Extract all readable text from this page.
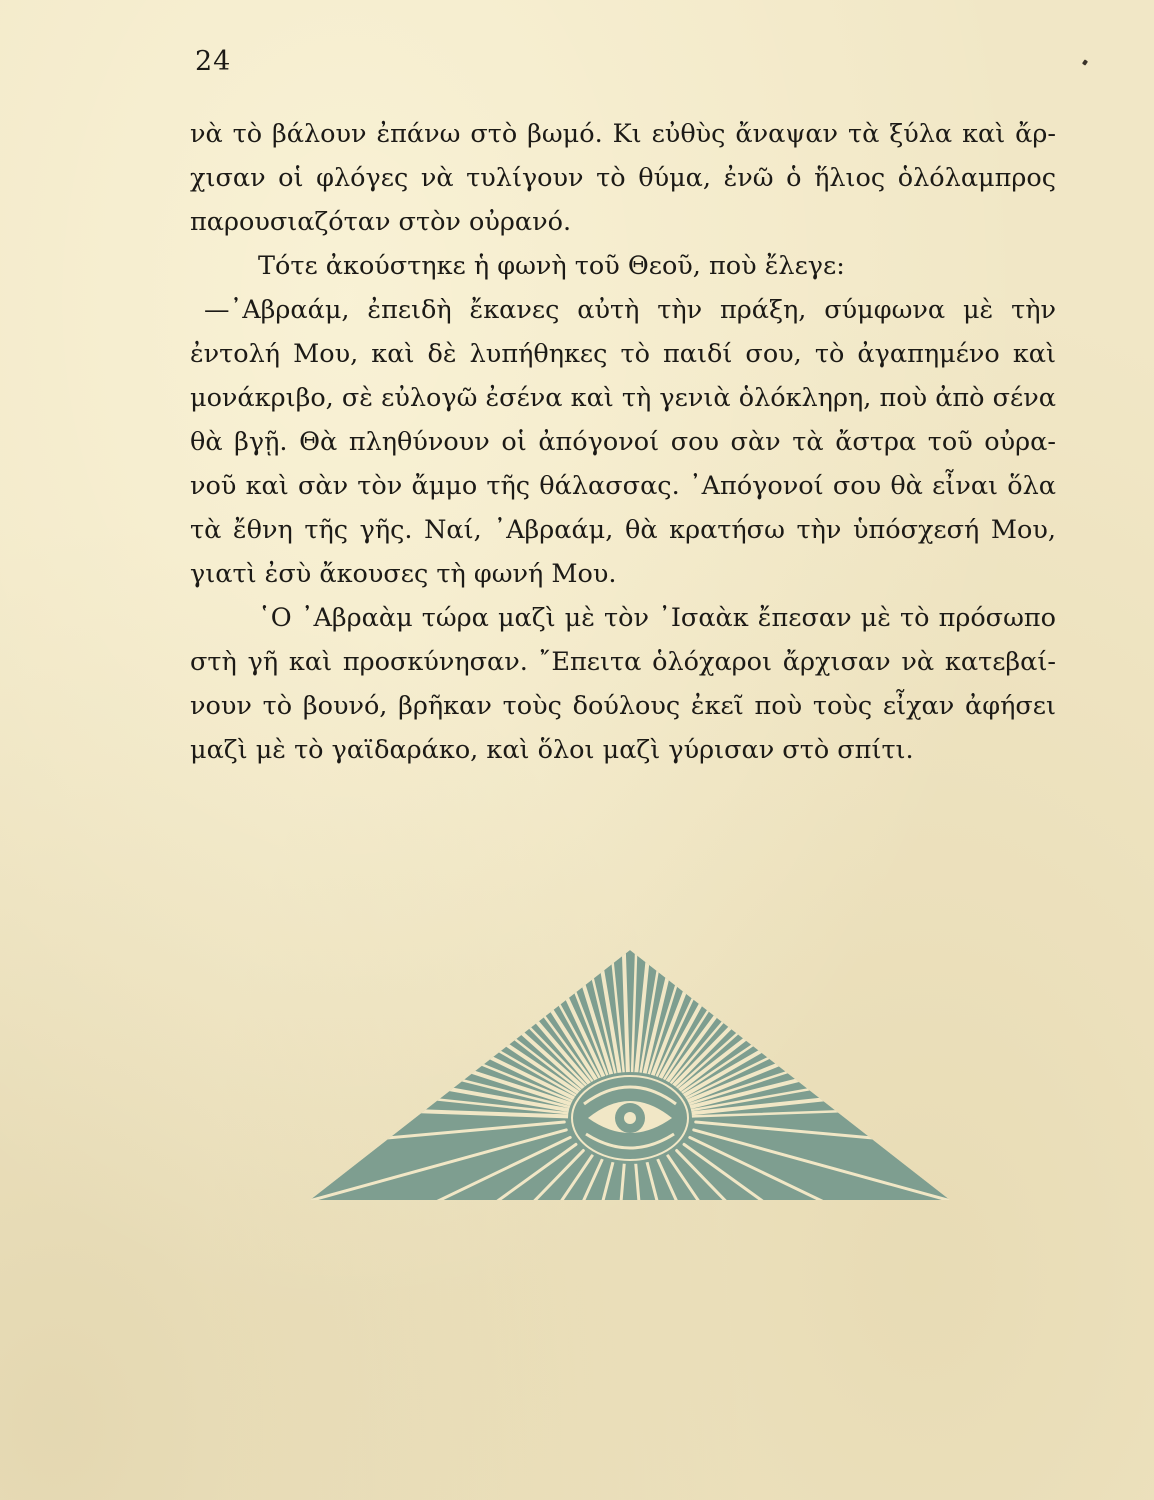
24
νὰ τὸ βάλουν ἐπάνω στὸ βωμό. Κι εὐθὺς ἄναψαν τὰ ξύλα καὶ ἄρ-
χισαν οἱ φλόγες νὰ τυλίγουν τὸ θύμα, ἐνῶ ὁ ἥλιος ὁλόλαμπρος
παρουσιαζόταν στὸν οὐρανό.
Τότε ἀκούστηκε ἡ φωνὴ τοῦ Θεοῦ, ποὺ ἔλεγε:
—᾿Αβραάμ, ἐπειδὴ ἔκανες αὐτὴ τὴν πράξη, σύμφωνα μὲ τὴν
ἐντολή Μου, καὶ δὲ λυπήθηκες τὸ παιδί σου, τὸ ἀγαπημένο καὶ
μονάκριβο, σὲ εὐλογῶ ἐσένα καὶ τὴ γενιὰ ὁλόκληρη, ποὺ ἀπὸ σένα
θὰ βγῇ. Θὰ πληθύνουν οἱ ἀπόγονοί σου σὰν τὰ ἄστρα τοῦ οὐρα-
νοῦ καὶ σὰν τὸν ἄμμο τῆς θάλασσας. ᾿Απόγονοί σου θὰ εἶναι ὅλα
τὰ ἔθνη τῆς γῆς. Ναί, ᾿Αβραάμ, θὰ κρατήσω τὴν ὑπόσχεσή Μου,
γιατὶ ἐσὺ ἄκουσες τὴ φωνή Μου.
῾Ο ᾿Αβραὰμ τώρα μαζὶ μὲ τὸν ᾿Ισαὰκ ἔπεσαν μὲ τὸ πρόσωπο
στὴ γῆ καὶ προσκύνησαν. ῎Επειτα ὁλόχαροι ἄρχισαν νὰ κατεβαί-
νουν τὸ βουνό, βρῆκαν τοὺς δούλους ἐκεῖ ποὺ τοὺς εἶχαν ἀφήσει
μαζὶ μὲ τὸ γαϊδαράκο, καὶ ὅλοι μαζὶ γύρισαν στὸ σπίτι.
